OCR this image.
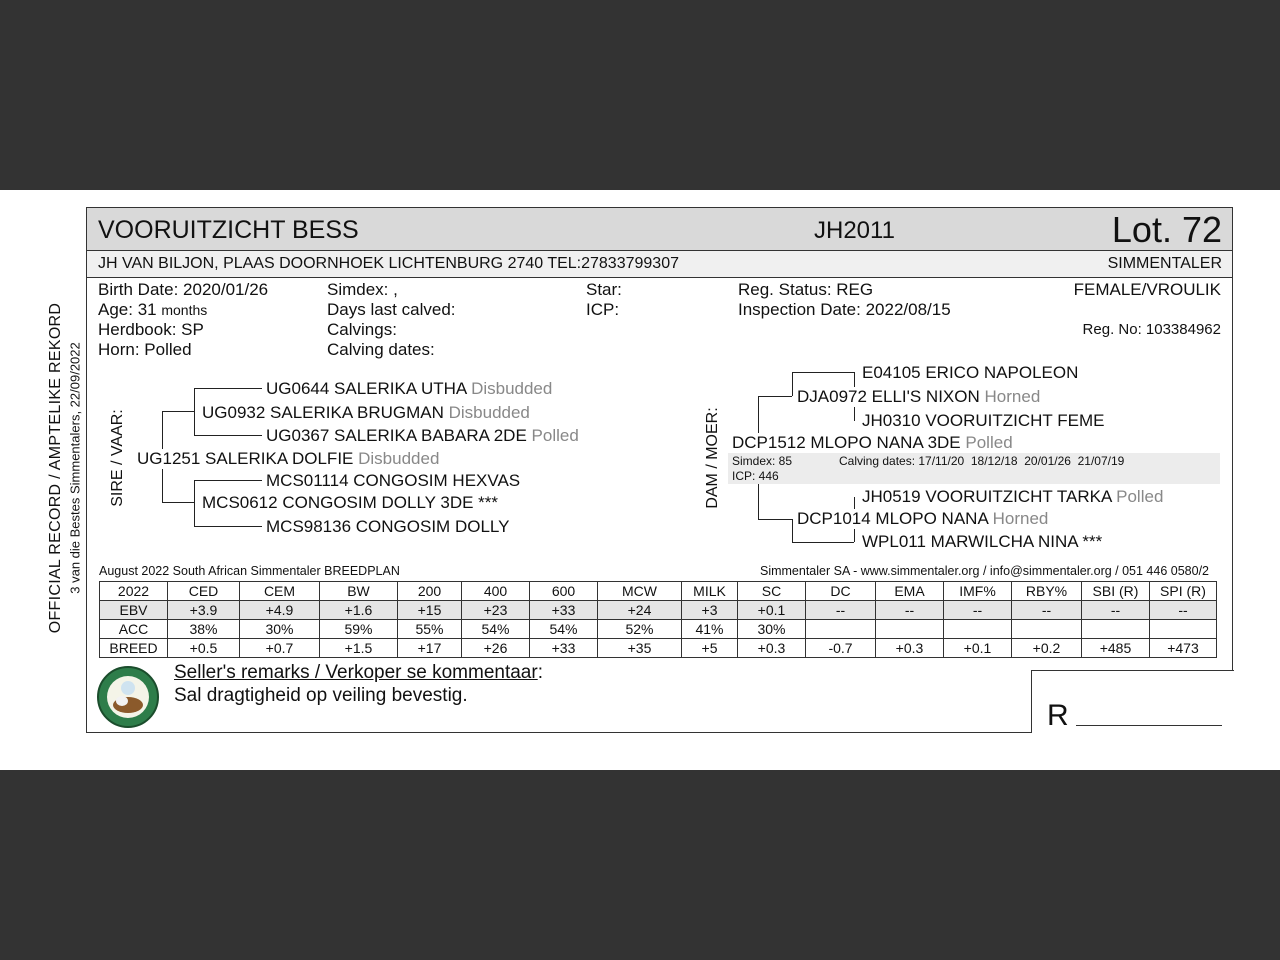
OFFICIAL RECORD / AMPTELIKE REKORD 3 van die Bestes Simmentalers, 22/09/2022
VOORUITZICHT BESS	JH2011	Lot. 72
JH VAN BILJON, PLAAS DOORNHOEK LICHTENBURG 2740 TEL:27833799307	SIMMENTALER
Birth Date: 2020/01/26
Age: 31 months
Herdbook: SP
Horn: Polled
Simdex: ,
Days last calved:
Calvings:
Calving dates:
Star:
ICP:
Reg. Status: REG
Inspection Date: 2022/08/15
FEMALE/VROULIK
Reg. No: 103384962
SIRE / VAAR:
UG0644 SALERIKA UTHA Disbudded
UG0932 SALERIKA BRUGMAN Disbudded
UG0367 SALERIKA BABARA 2DE Polled
UG1251 SALERIKA DOLFIE Disbudded
MCS01114 CONGOSIM HEXVAS
MCS0612 CONGOSIM DOLLY 3DE ***
MCS98136 CONGOSIM DOLLY
DAM / MOER:
E04105 ERICO NAPOLEON
DJA0972 ELLI'S NIXON Horned
JH0310 VOORUITZICHT FEME
DCP1512 MLOPO NANA 3DE Polled
Simdex: 85
ICP: 446
Calving dates: 17/11/20  18/12/18  20/01/26  21/07/19
JH0519 VOORUITZICHT TARKA Polled
DCP1014 MLOPO NANA Horned
WPL011 MARWILCHA NINA ***
August 2022 South African Simmentaler BREEDPLAN	Simmentaler SA - www.simmentaler.org / info@simmentaler.org / 051 446 0580/2
2022	CED	CEM	BW	200	400	600	MCW	MILK	SC	DC	EMA	IMF%	RBY%	SBI (R)	SPI (R)
EBV	+3.9	+4.9	+1.6	+15	+23	+33	+24	+3	+0.1	--	--	--	--	--	--
ACC	38%	30%	59%	55%	54%	54%	52%	41%	30%						
BREED	+0.5	+0.7	+1.5	+17	+26	+33	+35	+5	+0.3	-0.7	+0.3	+0.1	+0.2	+485	+473
Seller's remarks / Verkoper se kommentaar:
Sal dragtigheid op veiling bevestig.
R
